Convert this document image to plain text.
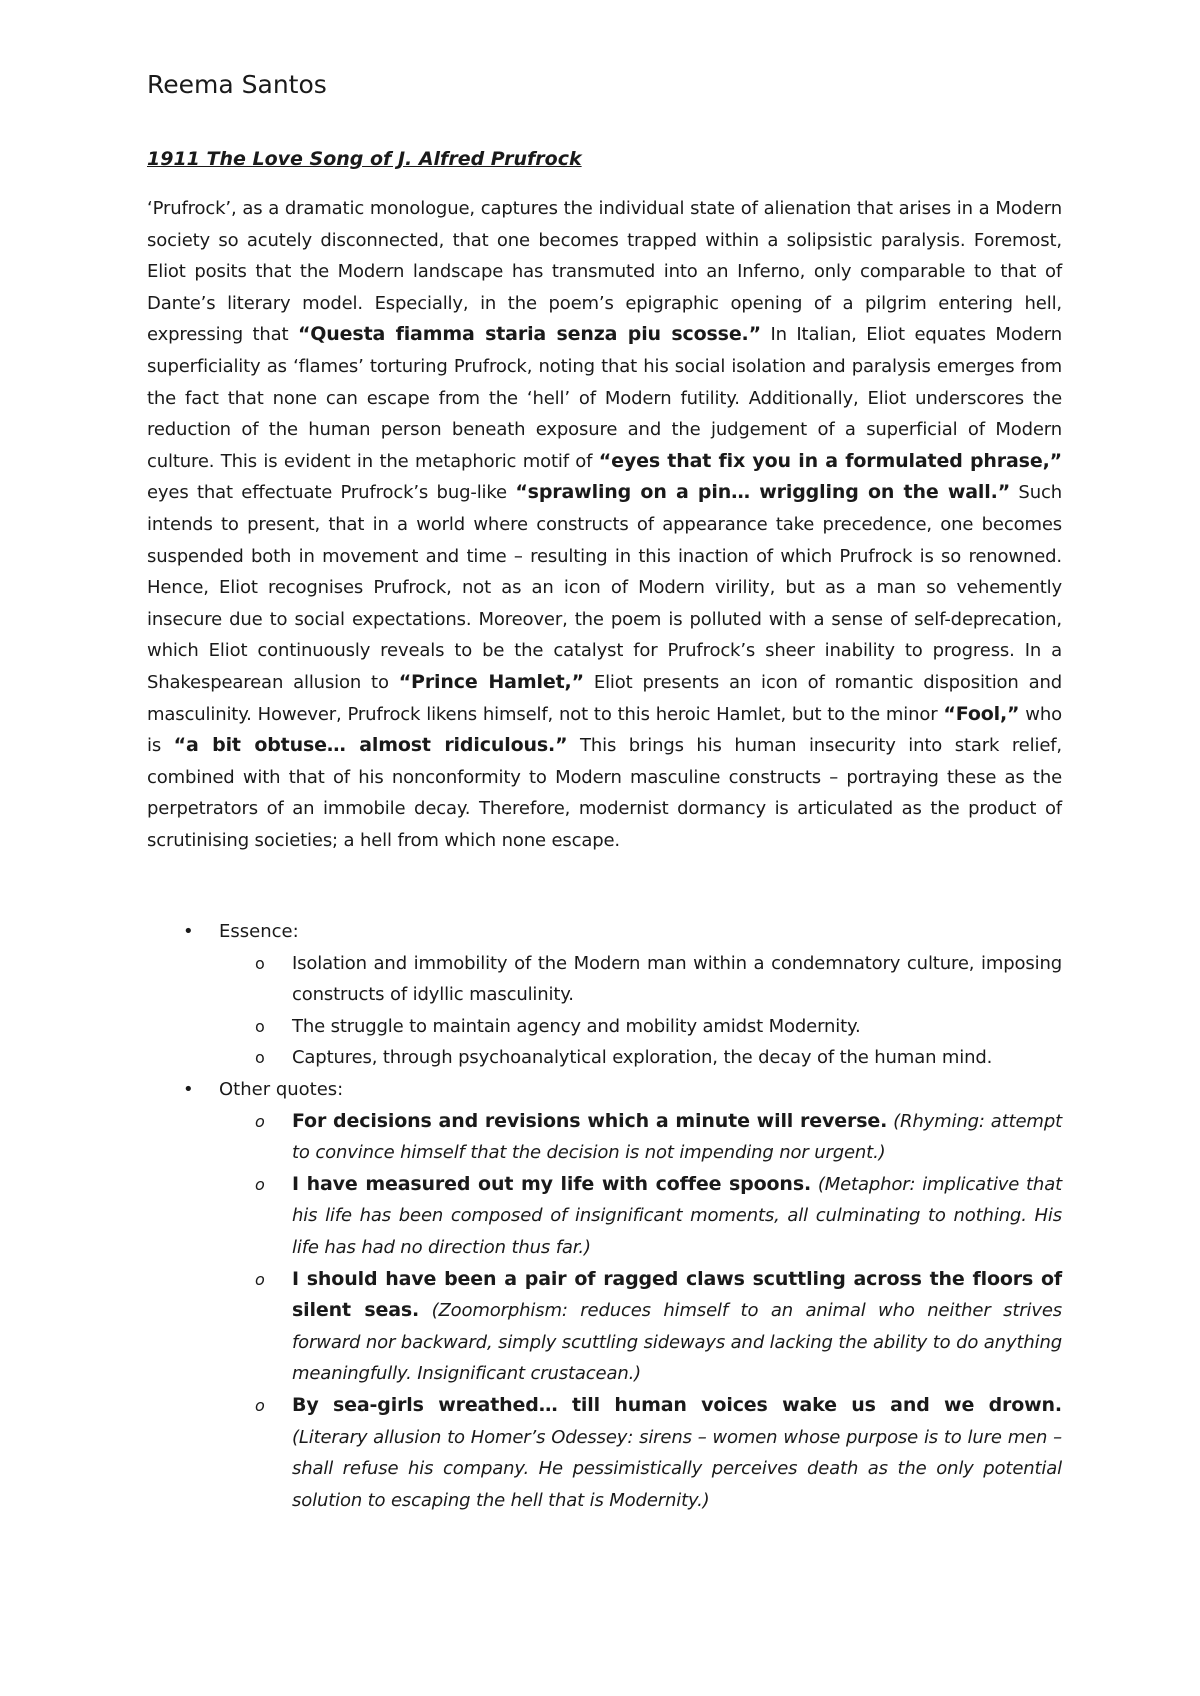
Reema Santos
1911 The Love Song of J. Alfred Prufrock

‘Prufrock’, as a dramatic monologue, captures the individual state of alienation that arises in a Modern society so acutely disconnected, that one becomes trapped within a solipsistic paralysis. Foremost, Eliot posits that the Modern landscape has transmuted into an Inferno, only comparable to that of Dante’s literary model. Especially, in the poem’s epigraphic opening of a pilgrim entering hell, expressing that “Questa fiamma staria senza piu scosse.” In Italian, Eliot equates Modern superficiality as ‘flames’ torturing Prufrock, noting that his social isolation and paralysis emerges from the fact that none can escape from the ‘hell’ of Modern futility. Additionally, Eliot underscores the reduction of the human person beneath exposure and the judgement of a superficial of Modern culture. This is evident in the metaphoric motif of “eyes that fix you in a formulated phrase,” eyes that effectuate Prufrock’s bug-like “sprawling on a pin… wriggling on the wall.” Such intends to present, that in a world where constructs of appearance take precedence, one becomes suspended both in movement and time – resulting in this inaction of which Prufrock is so renowned. Hence, Eliot recognises Prufrock, not as an icon of Modern virility, but as a man so vehemently insecure due to social expectations. Moreover, the poem is polluted with a sense of self-deprecation, which Eliot continuously reveals to be the catalyst for Prufrock’s sheer inability to progress. In a Shakespearean allusion to “Prince Hamlet,” Eliot presents an icon of romantic disposition and masculinity. However, Prufrock likens himself, not to this heroic Hamlet, but to the minor “Fool,” who is “a bit obtuse… almost ridiculous.” This brings his human insecurity into stark relief, combined with that of his nonconformity to Modern masculine constructs – portraying these as the perpetrators of an immobile decay. Therefore, modernist dormancy is articulated as the product of scrutinising societies; a hell from which none escape.

• Essence:
o Isolation and immobility of the Modern man within a condemnatory culture, imposing constructs of idyllic masculinity.
o The struggle to maintain agency and mobility amidst Modernity.
o Captures, through psychoanalytical exploration, the decay of the human mind.
• Other quotes:
o For decisions and revisions which a minute will reverse. (Rhyming: attempt to convince himself that the decision is not impending nor urgent.)
o I have measured out my life with coffee spoons. (Metaphor: implicative that his life has been composed of insignificant moments, all culminating to nothing. His life has had no direction thus far.)
o I should have been a pair of ragged claws scuttling across the floors of silent seas. (Zoomorphism: reduces himself to an animal who neither strives forward nor backward, simply scuttling sideways and lacking the ability to do anything meaningfully. Insignificant crustacean.)
o By sea-girls wreathed… till human voices wake us and we drown. (Literary allusion to Homer’s Odessey: sirens – women whose purpose is to lure men – shall refuse his company. He pessimistically perceives death as the only potential solution to escaping the hell that is Modernity.)
